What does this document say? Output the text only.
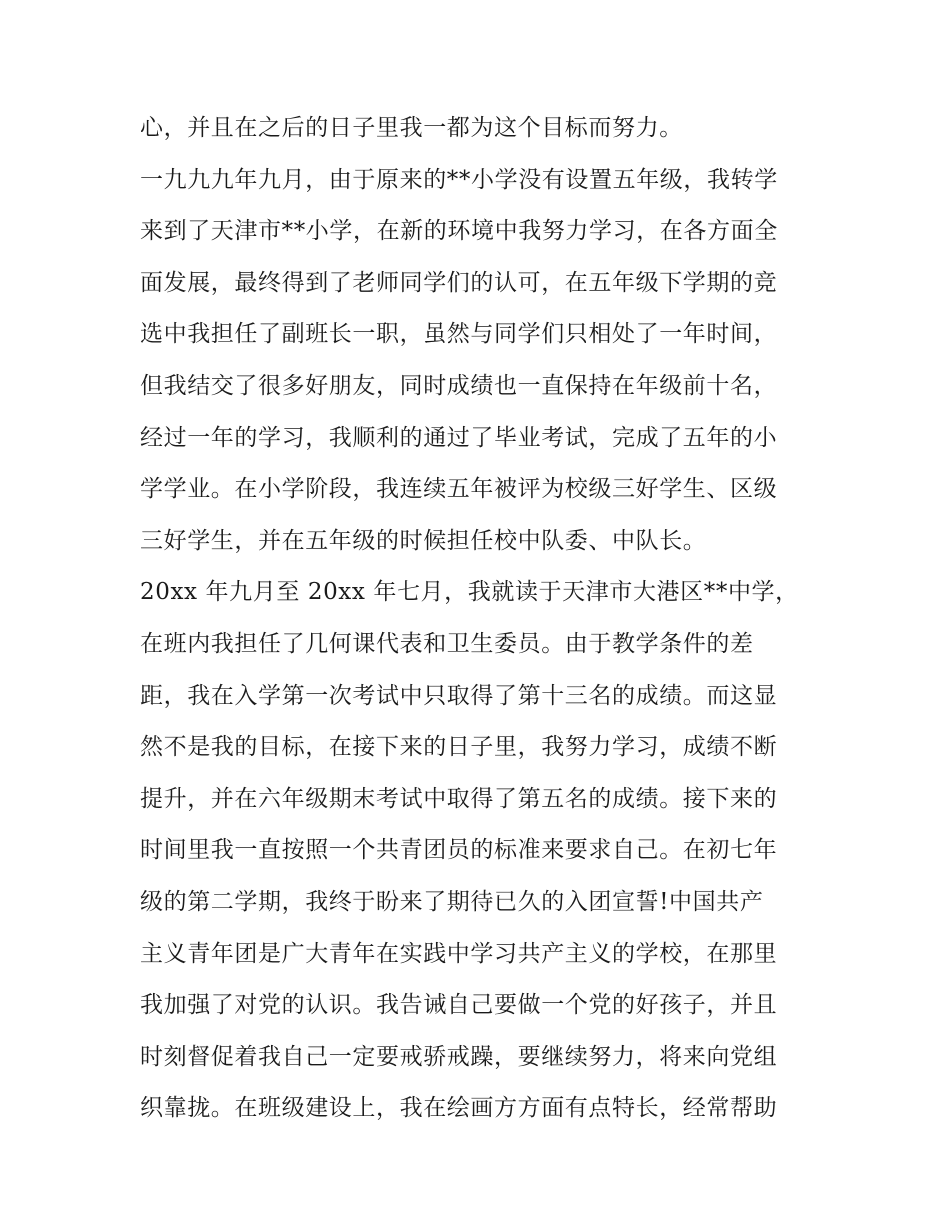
心，并且在之后的日子里我一都为这个目标而努力。
一九九九年九月，由于原来的**小学没有设置五年级，我转学
来到了天津市**小学，在新的环境中我努力学习，在各方面全
面发展，最终得到了老师同学们的认可，在五年级下学期的竞
选中我担任了副班长一职，虽然与同学们只相处了一年时间，
但我结交了很多好朋友，同时成绩也一直保持在年级前十名，
经过一年的学习，我顺利的通过了毕业考试，完成了五年的小
学学业。在小学阶段，我连续五年被评为校级三好学生、区级
三好学生，并在五年级的时候担任校中队委、中队长。
20xx 年九月至 20xx 年七月，我就读于天津市大港区**中学，
在班内我担任了几何课代表和卫生委员。由于教学条件的差
距，我在入学第一次考试中只取得了第十三名的成绩。而这显
然不是我的目标，在接下来的日子里，我努力学习，成绩不断
提升，并在六年级期末考试中取得了第五名的成绩。接下来的
时间里我一直按照一个共青团员的标准来要求自己。在初七年
级的第二学期，我终于盼来了期待已久的入团宣誓!中国共产
主义青年团是广大青年在实践中学习共产主义的学校，在那里
我加强了对党的认识。我告诫自己要做一个党的好孩子，并且
时刻督促着我自己一定要戒骄戒躁，要继续努力，将来向党组
织靠拢。在班级建设上，我在绘画方方面有点特长，经常帮助
